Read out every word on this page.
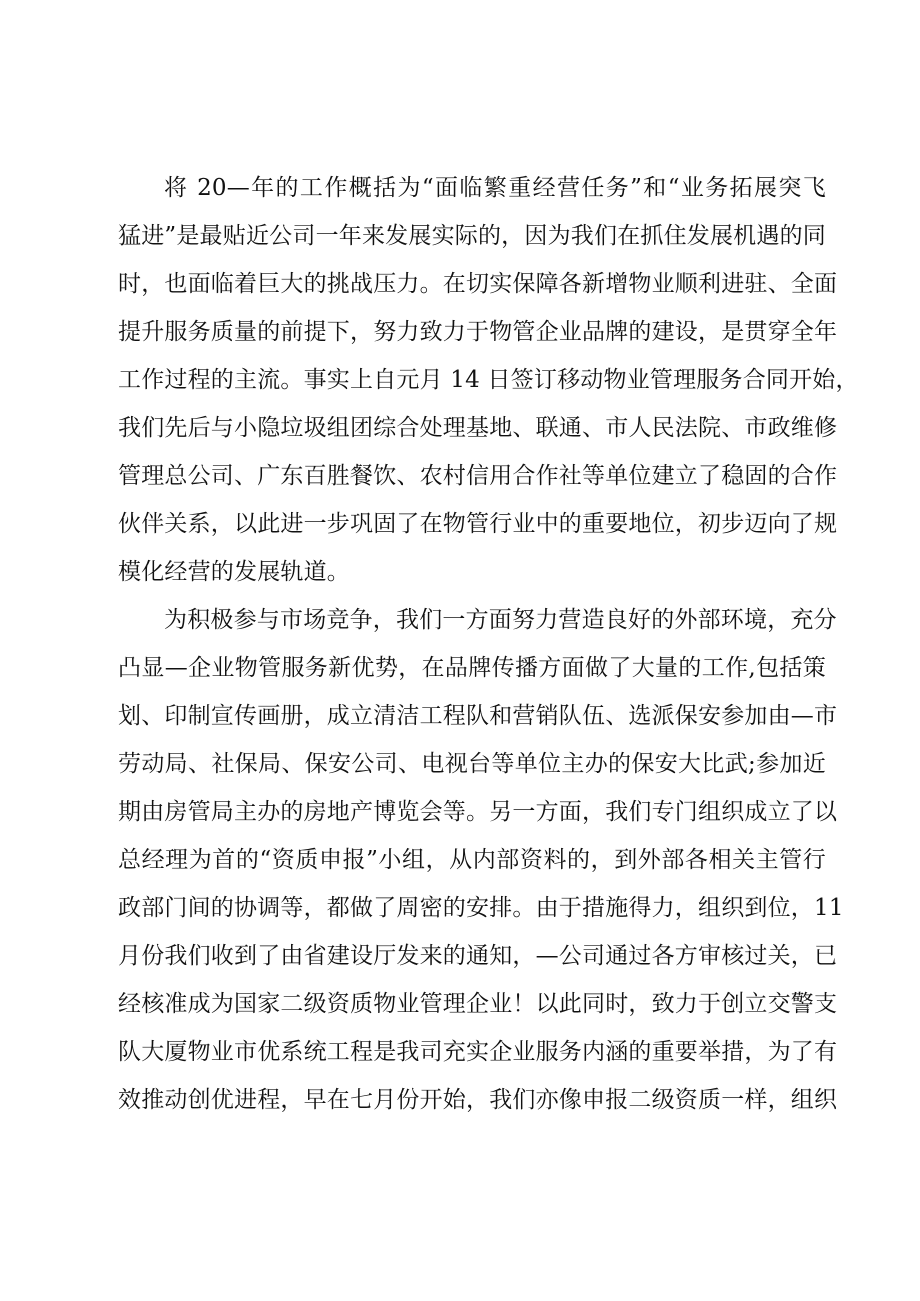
将 20—年的工作概括为“面临繁重经营任务”和“业务拓展突飞
猛进”是最贴近公司一年来发展实际的，因为我们在抓住发展机遇的同
时，也面临着巨大的挑战压力。在切实保障各新增物业顺利进驻、全面
提升服务质量的前提下，努力致力于物管企业品牌的建设，是贯穿全年
工作过程的主流。事实上自元月 14 日签订移动物业管理服务合同开始，
我们先后与小隐垃圾组团综合处理基地、联通、市人民法院、市政维修
管理总公司、广东百胜餐饮、农村信用合作社等单位建立了稳固的合作
伙伴关系，以此进一步巩固了在物管行业中的重要地位，初步迈向了规
模化经营的发展轨道。
为积极参与市场竞争，我们一方面努力营造良好的外部环境，充分
凸显—企业物管服务新优势，在品牌传播方面做了大量的工作,包括策
划、印制宣传画册，成立清洁工程队和营销队伍、选派保安参加由—市
劳动局、社保局、保安公司、电视台等单位主办的保安大比武;参加近
期由房管局主办的房地产博览会等。另一方面，我们专门组织成立了以
总经理为首的“资质申报”小组，从内部资料的，到外部各相关主管行
政部门间的协调等，都做了周密的安排。由于措施得力，组织到位，11
月份我们收到了由省建设厅发来的通知，—公司通过各方审核过关，已
经核准成为国家二级资质物业管理企业！以此同时，致力于创立交警支
队大厦物业市优系统工程是我司充实企业服务内涵的重要举措，为了有
效推动创优进程，早在七月份开始，我们亦像申报二级资质一样，组织
